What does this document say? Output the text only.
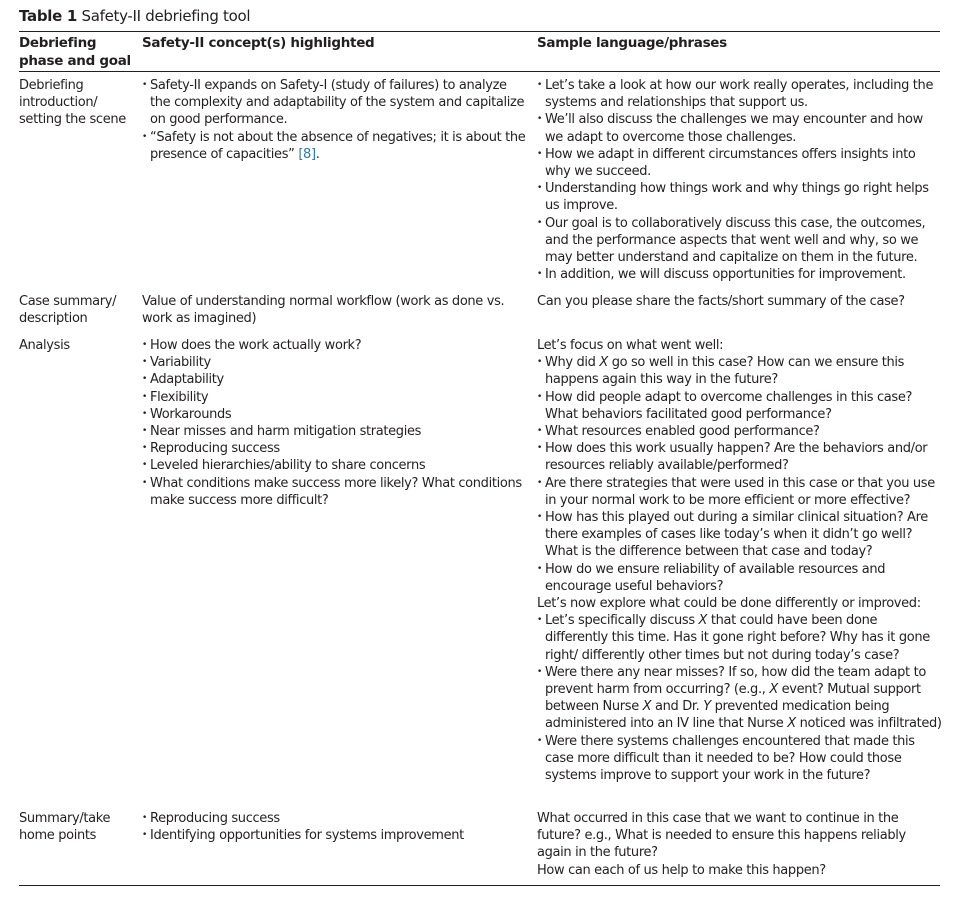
Table 1 Safety-II debriefing tool
Debriefing phase and goal
Safety-II concept(s) highlighted	Sample language/phrases
Debriefing introduction/ setting the scene
• Safety-II expands on Safety-I (study of failures) to analyze the complexity and adaptability of the system and capitalize on good performance.
• “Safety is not about the absence of negatives; it is about the presence of capacities” [8].
• Let’s take a look at how our work really operates, including the systems and relationships that support us.
• We’ll also discuss the challenges we may encounter and how we adapt to overcome those challenges.
• How we adapt in different circumstances offers insights into why we succeed.
• Understanding how things work and why things go right helps us improve.
• Our goal is to collaboratively discuss this case, the outcomes, and the performance aspects that went well and why, so we may better understand and capitalize on them in the future.
• In addition, we will discuss opportunities for improvement.
Case summary/ description
Value of understanding normal workflow (work as done vs. work as imagined)
Can you please share the facts/short summary of the case?
Analysis	• How does the work actually work?
• Variability
• Adaptability
• Flexibility
• Workarounds
• Near misses and harm mitigation strategies
• Reproducing success
• Leveled hierarchies/ability to share concerns
• What conditions make success more likely? What conditions make success more difficult?
Let’s focus on what went well:
• Why did X go so well in this case? How can we ensure this happens again this way in the future?
• How did people adapt to overcome challenges in this case? What behaviors facilitated good performance?
• What resources enabled good performance?
• How does this work usually happen? Are the behaviors and/or resources reliably available/performed?
• Are there strategies that were used in this case or that you use in your normal work to be more efficient or more effective?
• How has this played out during a similar clinical situation? Are there examples of cases like today’s when it didn’t go well? What is the difference between that case and today?
• How do we ensure reliability of available resources and encourage useful behaviors?
Let’s now explore what could be done differently or improved:
• Let’s specifically discuss X that could have been done differently this time. Has it gone right before? Why has it gone right/ differently other times but not during today’s case?
• Were there any near misses? If so, how did the team adapt to prevent harm from occurring? (e.g., X event? Mutual support between Nurse X and Dr. Y prevented medication being administered into an IV line that Nurse X noticed was infiltrated)
• Were there systems challenges encountered that made this case more difficult than it needed to be? How could those systems improve to support your work in the future?
Summary/take home points
• Reproducing success
• Identifying opportunities for systems improvement
What occurred in this case that we want to continue in the future? e.g., What is needed to ensure this happens reliably again in the future?
How can each of us help to make this happen?
